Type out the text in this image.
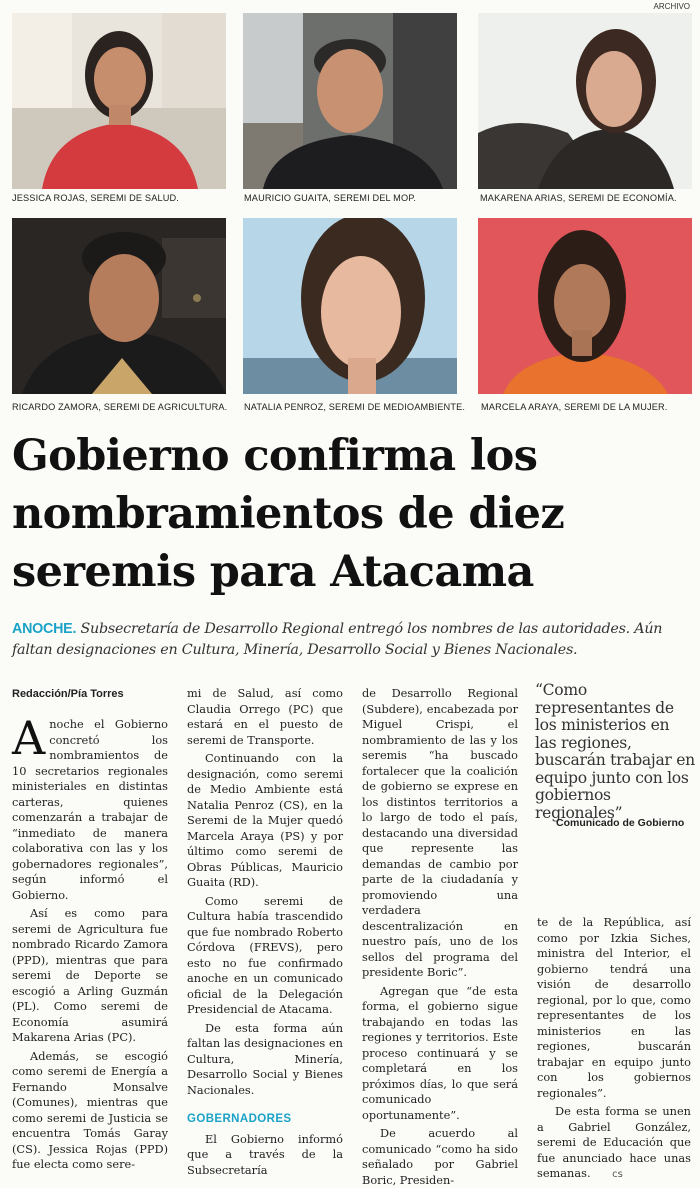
ARCHIVO
JESSICA ROJAS, SEREMI DE SALUD.	MAURICIO GUAITA, SEREMI DEL MOP.	MAKARENA ARIAS, SEREMI DE ECONOMÍA.
RICARDO ZAMORA, SEREMI DE AGRICULTURA.	NATALIA PENROZ, SEREMI DE MEDIOAMBIENTE.	MARCELA ARAYA, SEREMI DE LA MUJER.
Gobierno confirma los nombramientos de diez seremis para Atacama
ANOCHE. Subsecretaría de Desarrollo Regional entregó los nombres de las autoridades. Aún faltan designaciones en Cultura, Minería, Desarrollo Social y Bienes Nacionales.
Redacción/Pía Torres

Anoche el Gobierno concretó los nombramientos de 10 secretarios regionales ministeriales en distintas carteras, quienes comenzarán a trabajar de “inmediato de manera colaborativa con las y los gobernadores regionales”, según informó el Gobierno.

Así es como para seremi de Agricultura fue nombrado Ricardo Zamora (PPD), mientras que para seremi de Deporte se escogió a Arling Guzmán (PL). Como seremi de Economía asumirá Makarena Arias (PC).

Además, se escogió como seremi de Energía a Fernando Monsalve (Comunes), mientras que como seremi de Justicia se encuentra Tomás Garay (CS). Jessica Rojas (PPD) fue electa como sere-

mi de Salud, así como Claudia Orrego (PC) que estará en el puesto de seremi de Transporte.

Continuando con la designación, como seremi de Medio Ambiente está Natalia Penroz (CS), en la Seremi de la Mujer quedó Marcela Araya (PS) y por último como seremi de Obras Públicas, Mauricio Guaita (RD).

Como seremi de Cultura había trascendido que fue nombrado Roberto Córdova (FREVS), pero esto no fue confirmado anoche en un comunicado oficial de la Delegación Presidencial de Atacama.

De esta forma aún faltan las designaciones en Cultura, Minería, Desarrollo Social y Bienes Nacionales.

GOBERNADORES

El Gobierno informó que a través de la Subsecretaría

de Desarrollo Regional (Subdere), encabezada por Miguel Crispi, el nombramiento de las y los seremis “ha buscado fortalecer que la coalición de gobierno se exprese en los distintos territorios a lo largo de todo el país, destacando una diversidad que represente las demandas de cambio por parte de la ciudadanía y promoviendo una verdadera descentralización en nuestro país, uno de los sellos del programa del presidente Boric”.

Agregan que “de esta forma, el gobierno sigue trabajando en todas las regiones y territorios. Este proceso continuará y se completará en los próximos días, lo que será comunicado oportunamente”.

De acuerdo al comunicado “como ha sido señalado por Gabriel Boric, Presiden-

“Como representantes de los ministerios en las regiones, buscarán trabajar en equipo junto con los gobiernos regionales”
Comunicado de Gobierno

te de la República, así como por Izkia Siches, ministra del Interior, el gobierno tendrá una visión de desarrollo regional, por lo que, como representantes de los ministerios en las regiones, buscarán trabajar en equipo junto con los gobiernos regionales”.

De esta forma se unen a Gabriel González, seremi de Educación que fue anunciado hace unas semanas. cs
